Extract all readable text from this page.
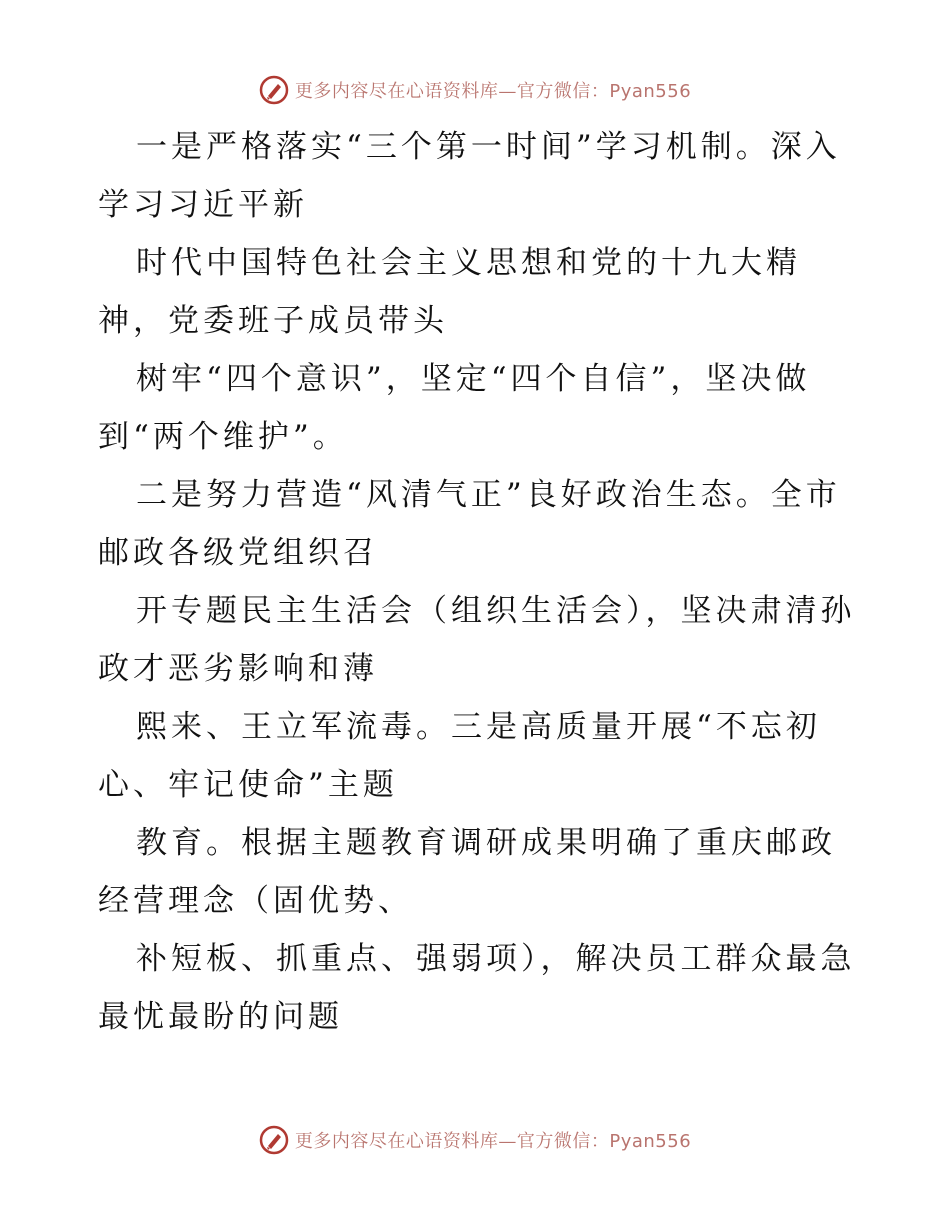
更多内容尽在心语资料库—官方微信：Pyan556

一是严格落实“三个第一时间”学习机制。深入学习习近平新

时代中国特色社会主义思想和党的十九大精神，党委班子成员带头

树牢“四个意识”，坚定“四个自信”，坚决做到“两个维护”。

二是努力营造“风清气正”良好政治生态。全市邮政各级党组织召

开专题民主生活会（组织生活会），坚决肃清孙政才恶劣影响和薄

熙来、王立军流毒。三是高质量开展“不忘初心、牢记使命”主题

教育。根据主题教育调研成果明确了重庆邮政经营理念（固优势、

补短板、抓重点、强弱项），解决员工群众最急最忧最盼的问题

更多内容尽在心语资料库—官方微信：Pyan556
